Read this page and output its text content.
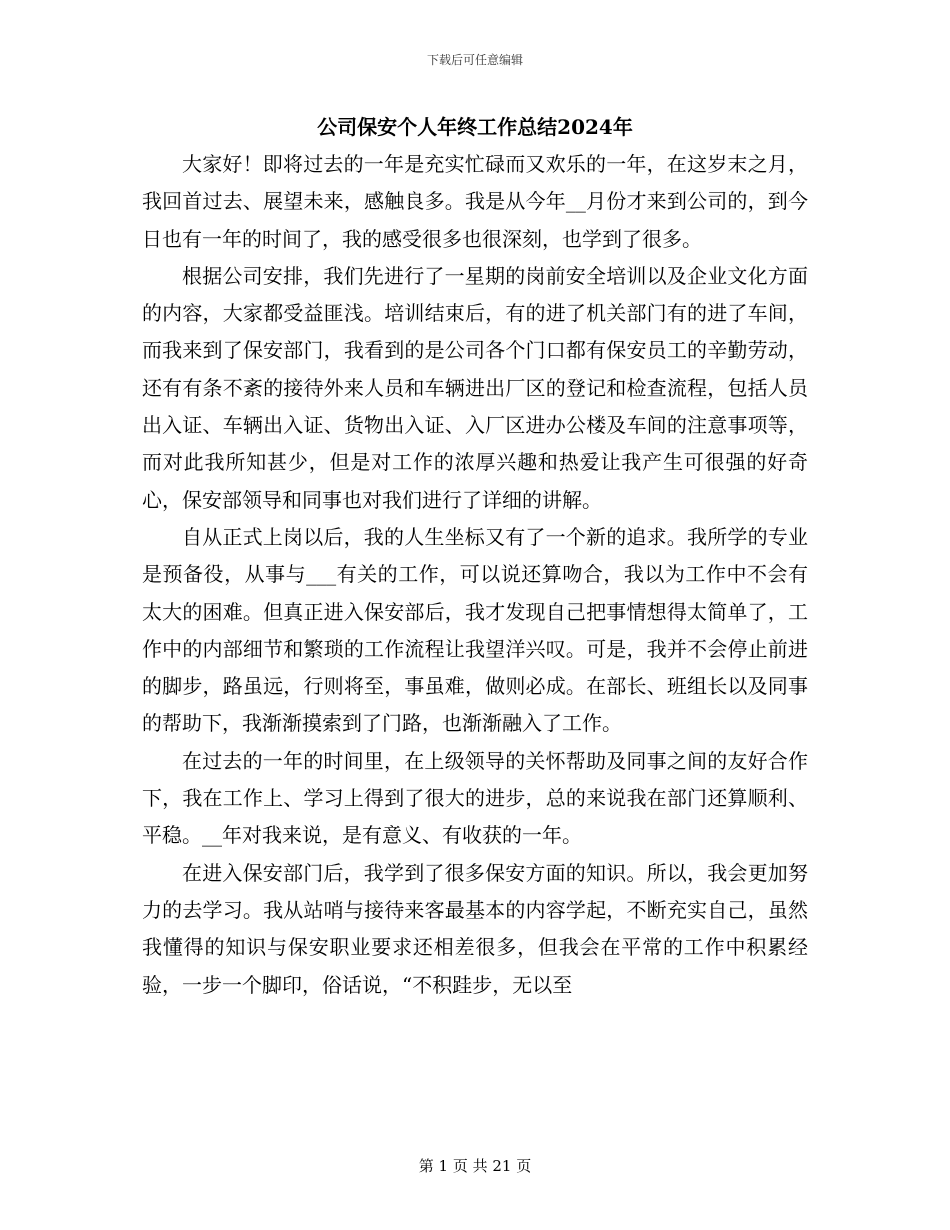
下载后可任意编辑
公司保安个人年终工作总结2024年

大家好！即将过去的一年是充实忙碌而又欢乐的一年，在这岁末之月，我回首过去、展望未来，感触良多。我是从今年__月份才来到公司的，到今日也有一年的时间了，我的感受很多也很深刻，也学到了很多。

根据公司安排，我们先进行了一星期的岗前安全培训以及企业文化方面的内容，大家都受益匪浅。培训结束后，有的进了机关部门有的进了车间，而我来到了保安部门，我看到的是公司各个门口都有保安员工的辛勤劳动，还有有条不紊的接待外来人员和车辆进出厂区的登记和检查流程，包括人员出入证、车辆出入证、货物出入证、入厂区进办公楼及车间的注意事项等，而对此我所知甚少，但是对工作的浓厚兴趣和热爱让我产生可很强的好奇心，保安部领导和同事也对我们进行了详细的讲解。

自从正式上岗以后，我的人生坐标又有了一个新的追求。我所学的专业是预备役，从事与___有关的工作，可以说还算吻合，我以为工作中不会有太大的困难。但真正进入保安部后，我才发现自己把事情想得太简单了，工作中的内部细节和繁琐的工作流程让我望洋兴叹。可是，我并不会停止前进的脚步，路虽远，行则将至，事虽难，做则必成。在部长、班组长以及同事的帮助下，我渐渐摸索到了门路，也渐渐融入了工作。

在过去的一年的时间里，在上级领导的关怀帮助及同事之间的友好合作下，我在工作上、学习上得到了很大的进步，总的来说我在部门还算顺利、平稳。__年对我来说，是有意义、有收获的一年。

在进入保安部门后，我学到了很多保安方面的知识。所以，我会更加努力的去学习。我从站哨与接待来客最基本的内容学起，不断充实自己，虽然我懂得的知识与保安职业要求还相差很多，但我会在平常的工作中积累经验，一步一个脚印，俗话说，“不积跬步，无以至

第 1 页 共 21 页
